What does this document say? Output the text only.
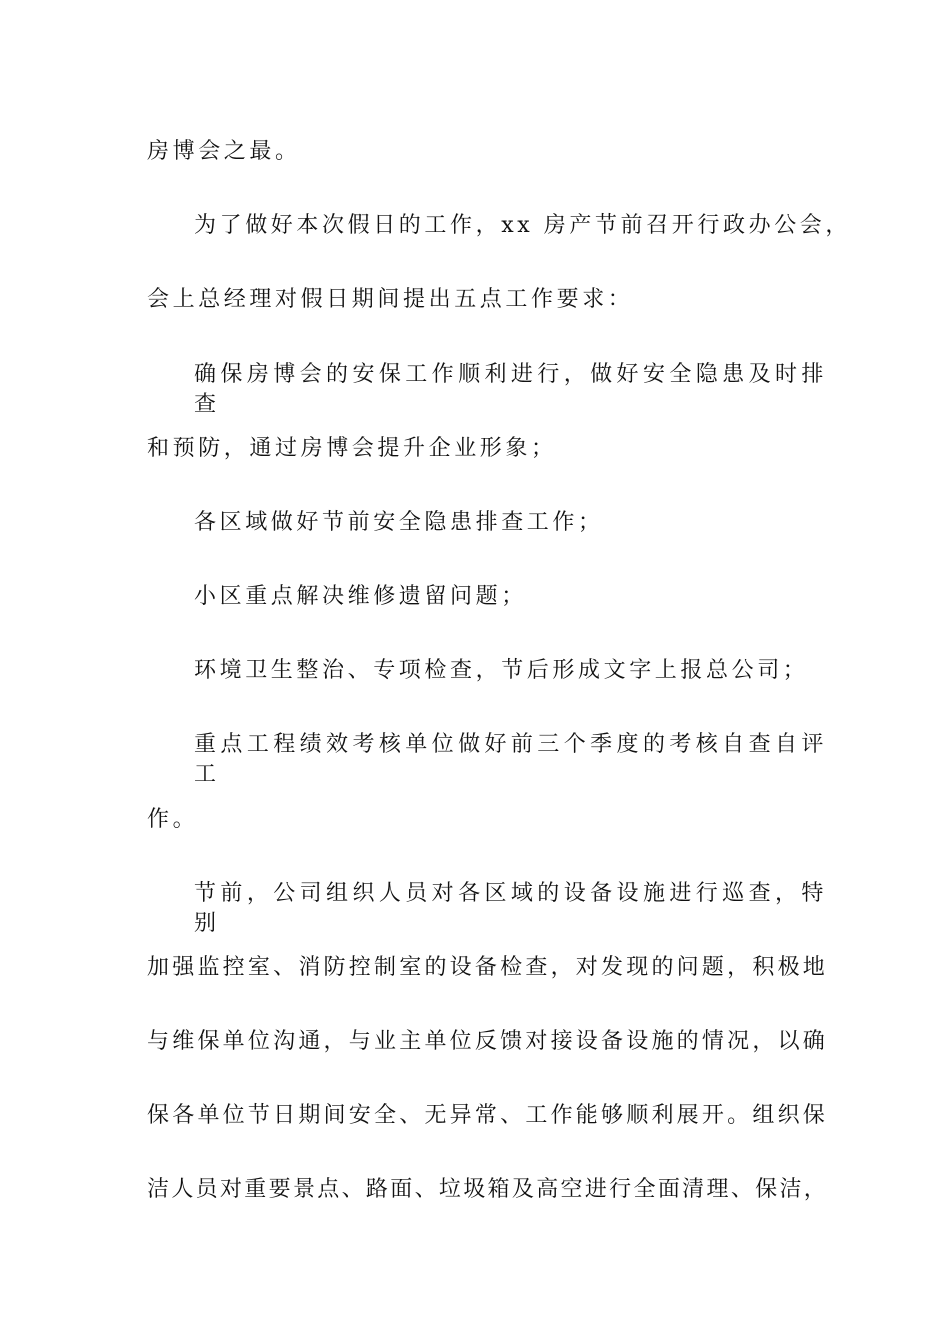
房博会之最。
为了做好本次假日的工作，xx 房产节前召开行政办公会，
会上总经理对假日期间提出五点工作要求：
确保房博会的安保工作顺利进行，做好安全隐患及时排查
和预防，通过房博会提升企业形象；
各区域做好节前安全隐患排查工作；
小区重点解决维修遗留问题；
环境卫生整治、专项检查，节后形成文字上报总公司；
重点工程绩效考核单位做好前三个季度的考核自查自评工
作。
节前，公司组织人员对各区域的设备设施进行巡查，特别
加强监控室、消防控制室的设备检查，对发现的问题，积极地
与维保单位沟通，与业主单位反馈对接设备设施的情况，以确
保各单位节日期间安全、无异常、工作能够顺利展开。组织保
洁人员对重要景点、路面、垃圾箱及高空进行全面清理、保洁，
